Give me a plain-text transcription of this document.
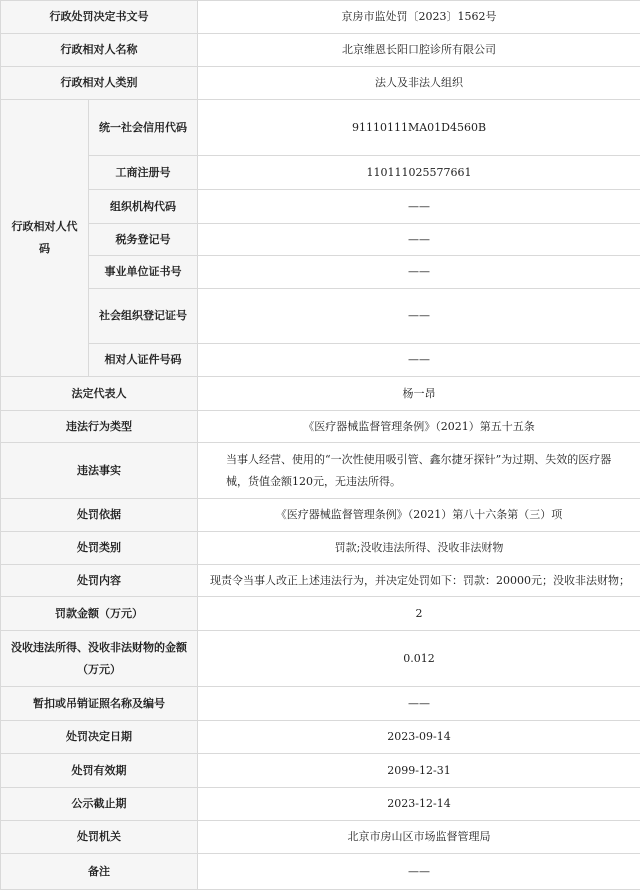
行政处罚决定书文号		京房市监处罚〔2023〕1562号
行政相对人名称		北京维恩长阳口腔诊所有限公司
行政相对人类别		法人及非法人组织
行政相对人代码	统一社会信用代码	91110111MA01D4560B
	工商注册号	110111025577661
	组织机构代码	——
	税务登记号	——
	事业单位证书号	——
	社会组织登记证号	——
	相对人证件号码	——
法定代表人		杨一昂
违法行为类型		《医疗器械监督管理条例》（2021）第五十五条
违法事实		当事人经营、使用的“一次性使用吸引管、鑫尔捷牙探针”为过期、失效的医疗器械，货值金额120元，无违法所得。
处罚依据		《医疗器械监督管理条例》（2021）第八十六条第（三）项
处罚类别		罚款;没收违法所得、没收非法财物
处罚内容		现责令当事人改正上述违法行为，并决定处罚如下：罚款：20000元；没收非法财物；
罚款金额（万元）		2
没收违法所得、没收非法财物的金额（万元）		0.012
暂扣或吊销证照名称及编号		——
处罚决定日期		2023-09-14
处罚有效期		2099-12-31
公示截止期		2023-12-14
处罚机关		北京市房山区市场监督管理局
备注		——
